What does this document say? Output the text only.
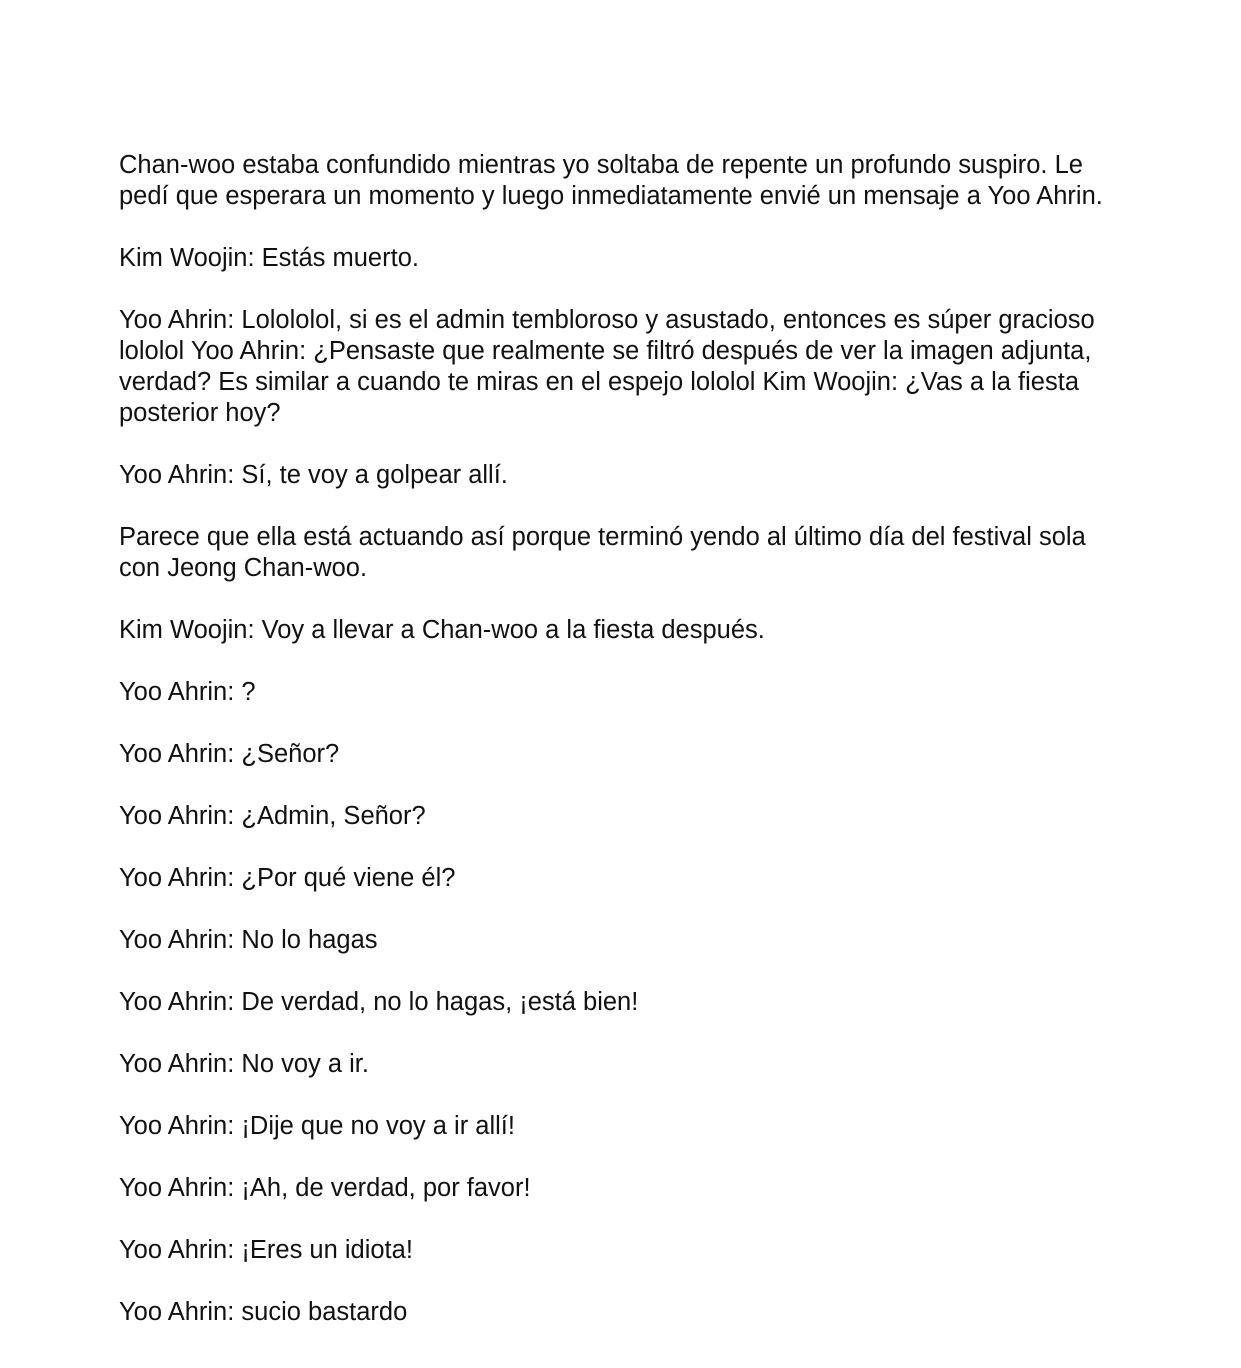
Chan-woo estaba confundido mientras yo soltaba de repente un profundo suspiro. Le pedí que esperara un momento y luego inmediatamente envié un mensaje a Yoo Ahrin.

Kim Woojin: Estás muerto.

Yoo Ahrin: Lolololol, si es el admin tembloroso y asustado, entonces es súper gracioso lololol Yoo Ahrin: ¿Pensaste que realmente se filtró después de ver la imagen adjunta, verdad? Es similar a cuando te miras en el espejo lololol Kim Woojin: ¿Vas a la fiesta posterior hoy?

Yoo Ahrin: Sí, te voy a golpear allí.

Parece que ella está actuando así porque terminó yendo al último día del festival sola con Jeong Chan-woo.

Kim Woojin: Voy a llevar a Chan-woo a la fiesta después.

Yoo Ahrin: ?

Yoo Ahrin: ¿Señor?

Yoo Ahrin: ¿Admin, Señor?

Yoo Ahrin: ¿Por qué viene él?

Yoo Ahrin: No lo hagas

Yoo Ahrin: De verdad, no lo hagas, ¡está bien!

Yoo Ahrin: No voy a ir.

Yoo Ahrin: ¡Dije que no voy a ir allí!

Yoo Ahrin: ¡Ah, de verdad, por favor!

Yoo Ahrin: ¡Eres un idiota!

Yoo Ahrin: sucio bastardo
